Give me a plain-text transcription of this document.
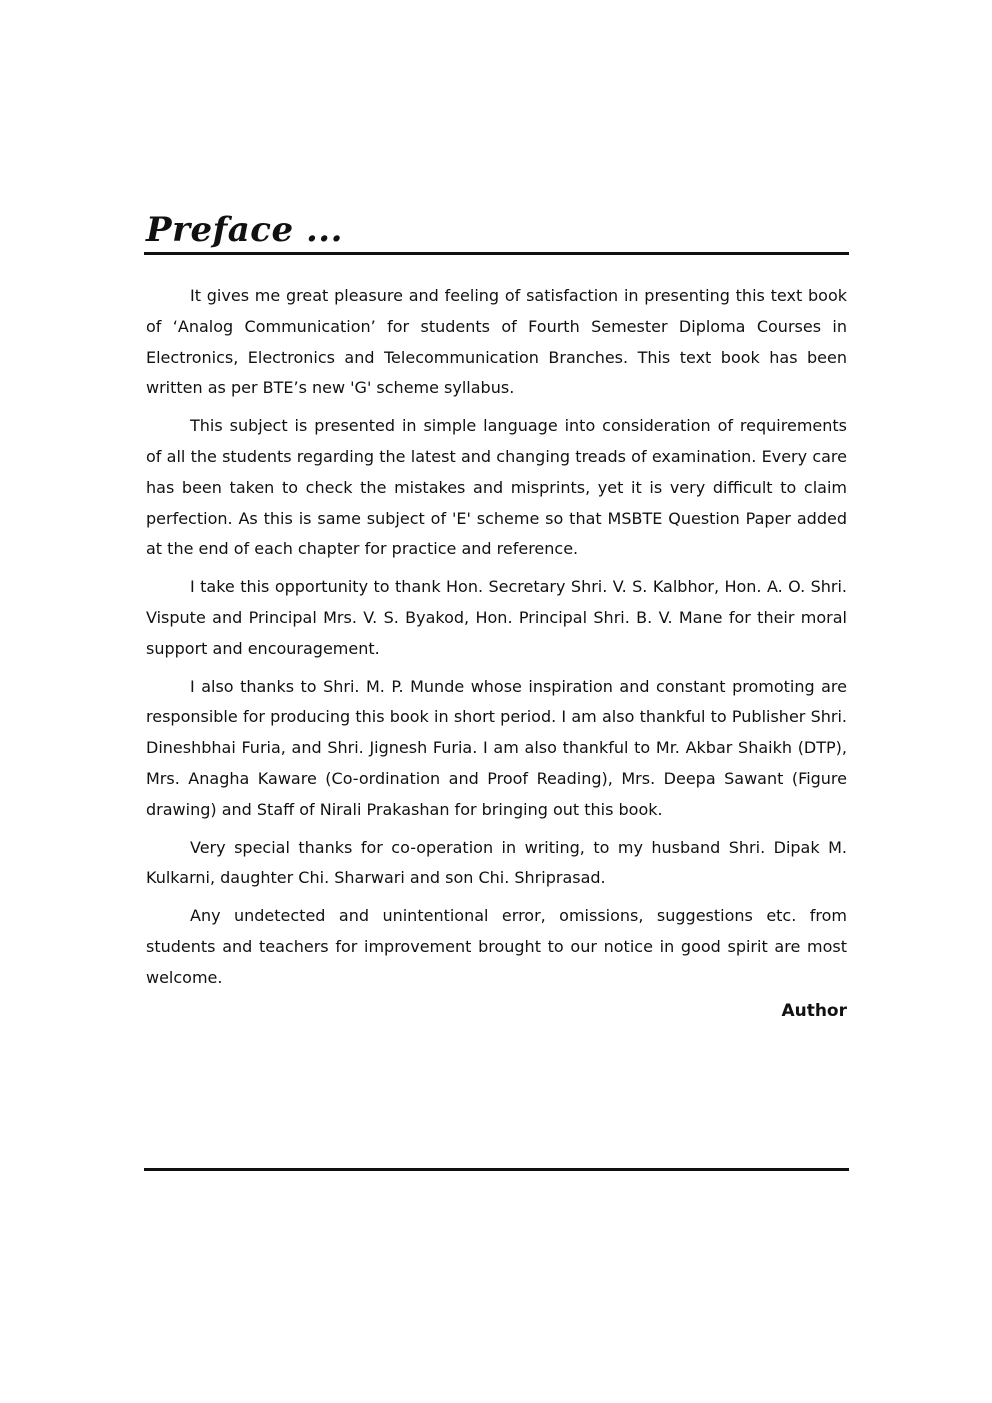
Preface ...

It gives me great pleasure and feeling of satisfaction in presenting this text book of ‘Analog Communication’ for students of Fourth Semester Diploma Courses in Electronics, Electronics and Telecommunication Branches. This text book has been written as per BTE’s new 'G' scheme syllabus.

This subject is presented in simple language into consideration of requirements of all the students regarding the latest and changing treads of examination. Every care has been taken to check the mistakes and misprints, yet it is very difficult to claim perfection. As this is same subject of 'E' scheme so that MSBTE Question Paper added at the end of each chapter for practice and reference.

I take this opportunity to thank Hon. Secretary Shri. V. S. Kalbhor, Hon. A. O. Shri. Vispute and Principal Mrs. V. S. Byakod, Hon. Principal Shri. B. V. Mane for their moral support and encouragement.

I also thanks to Shri. M. P. Munde whose inspiration and constant promoting are responsible for producing this book in short period. I am also thankful to Publisher Shri. Dineshbhai Furia, and Shri. Jignesh Furia. I am also thankful to Mr. Akbar Shaikh (DTP), Mrs. Anagha Kaware (Co-ordination and Proof Reading), Mrs. Deepa Sawant (Figure drawing) and Staff of Nirali Prakashan for bringing out this book.

Very special thanks for co-operation in writing, to my husband Shri. Dipak M. Kulkarni, daughter Chi. Sharwari and son Chi. Shriprasad.

Any undetected and unintentional error, omissions, suggestions etc. from students and teachers for improvement brought to our notice in good spirit are most welcome.

Author
